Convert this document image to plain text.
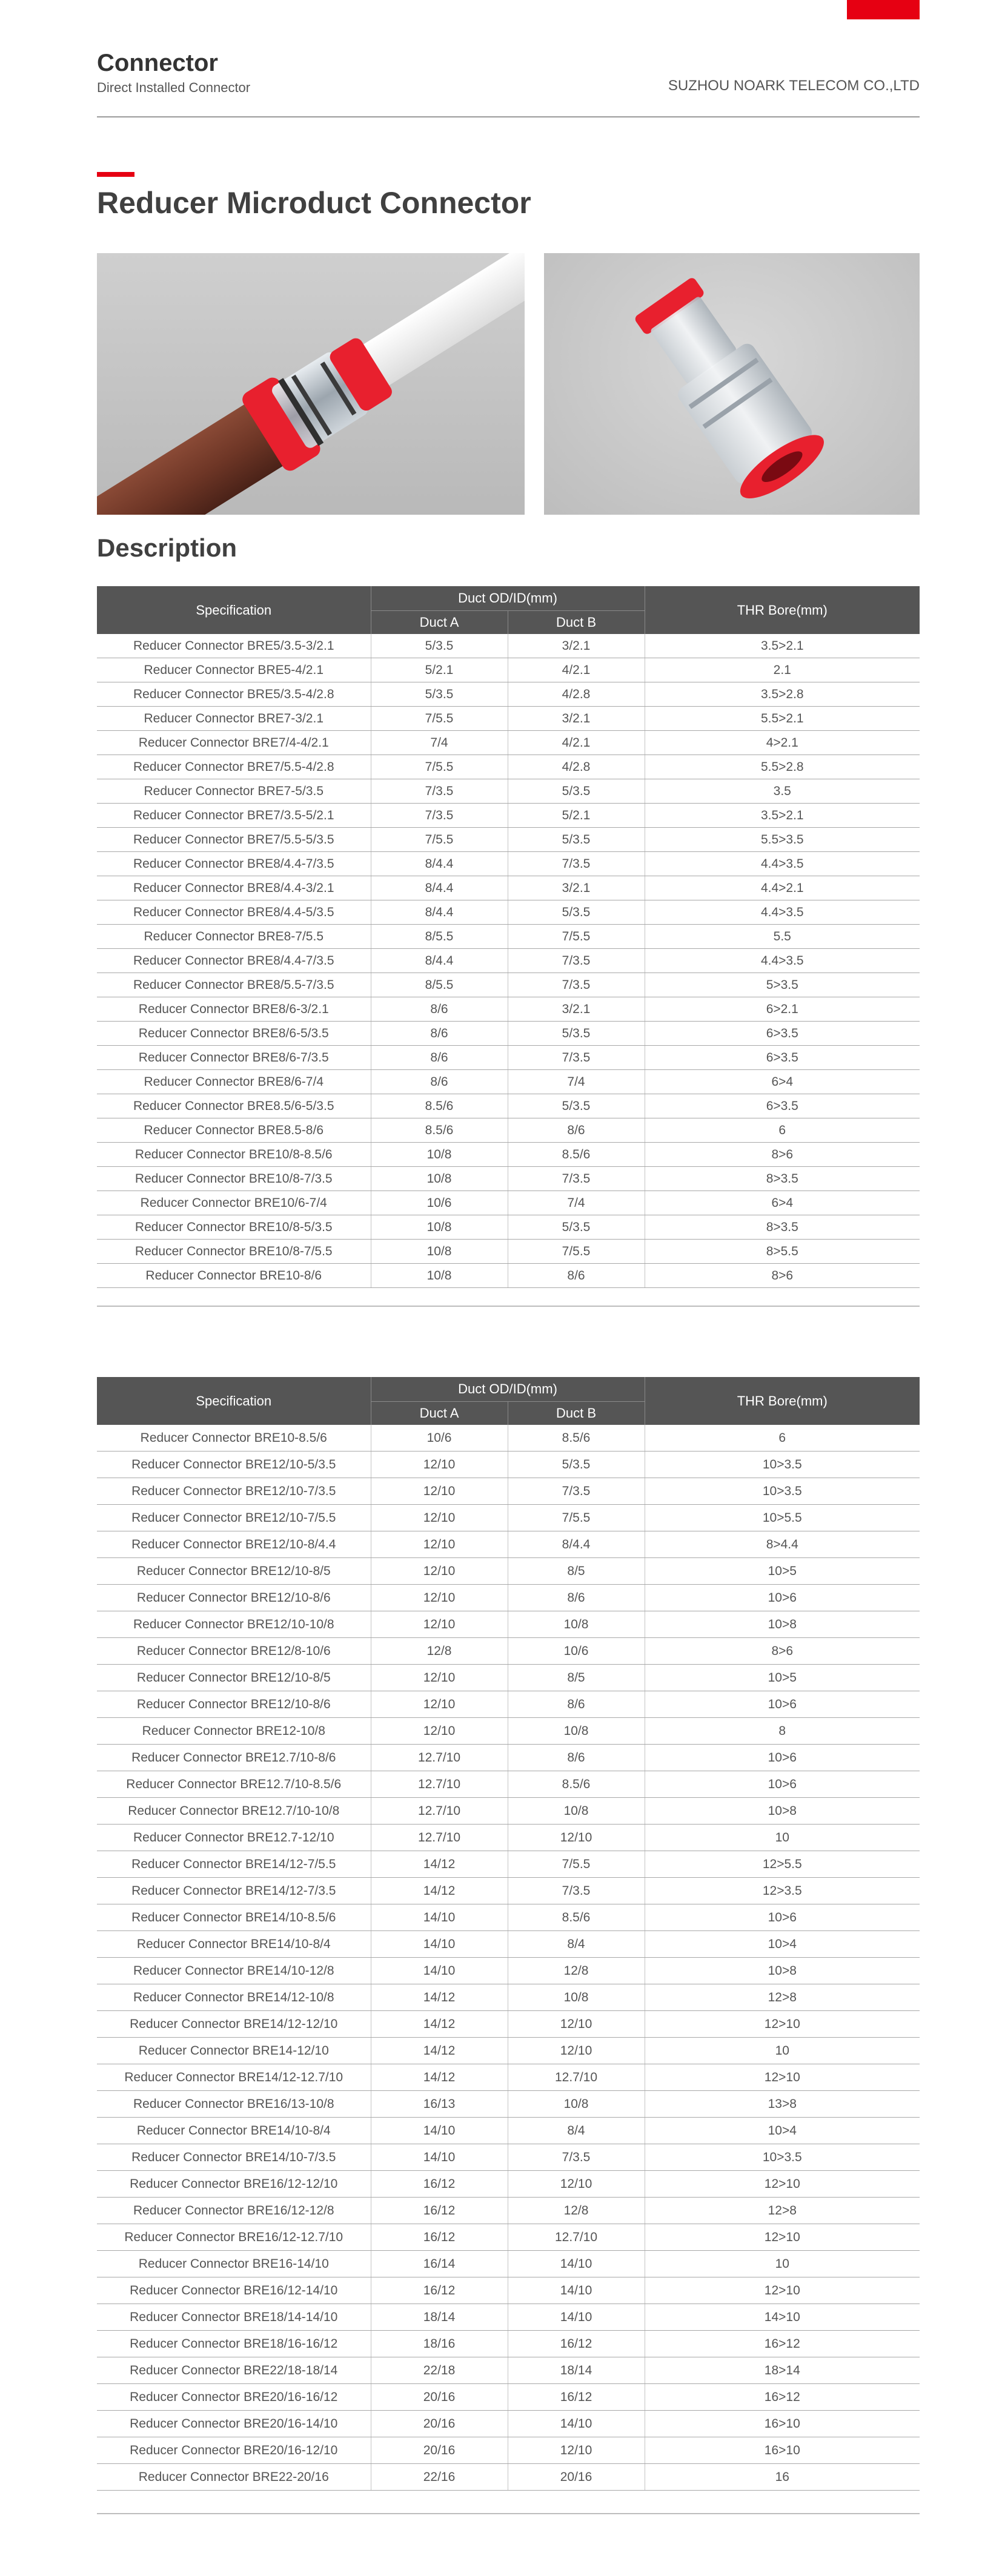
Connector
Direct Installed Connector	SUZHOU NOARK TELECOM CO.,LTD
Reducer Microduct Connector
Description
Specification	Duct OD/ID(mm)		THR Bore(mm)
	Duct A	Duct B	
Reducer Connector BRE5/3.5-3/2.1	5/3.5	3/2.1	3.5>2.1
Reducer Connector BRE5-4/2.1	5/2.1	4/2.1	2.1
Reducer Connector BRE5/3.5-4/2.8	5/3.5	4/2.8	3.5>2.8
Reducer Connector BRE7-3/2.1	7/5.5	3/2.1	5.5>2.1
Reducer Connector BRE7/4-4/2.1	7/4	4/2.1	4>2.1
Reducer Connector BRE7/5.5-4/2.8	7/5.5	4/2.8	5.5>2.8
Reducer Connector BRE7-5/3.5	7/3.5	5/3.5	3.5
Reducer Connector BRE7/3.5-5/2.1	7/3.5	5/2.1	3.5>2.1
Reducer Connector BRE7/5.5-5/3.5	7/5.5	5/3.5	5.5>3.5
Reducer Connector BRE8/4.4-7/3.5	8/4.4	7/3.5	4.4>3.5
Reducer Connector BRE8/4.4-3/2.1	8/4.4	3/2.1	4.4>2.1
Reducer Connector BRE8/4.4-5/3.5	8/4.4	5/3.5	4.4>3.5
Reducer Connector BRE8-7/5.5	8/5.5	7/5.5	5.5
Reducer Connector BRE8/4.4-7/3.5	8/4.4	7/3.5	4.4>3.5
Reducer Connector BRE8/5.5-7/3.5	8/5.5	7/3.5	5>3.5
Reducer Connector BRE8/6-3/2.1	8/6	3/2.1	6>2.1
Reducer Connector BRE8/6-5/3.5	8/6	5/3.5	6>3.5
Reducer Connector BRE8/6-7/3.5	8/6	7/3.5	6>3.5
Reducer Connector BRE8/6-7/4	8/6	7/4	6>4
Reducer Connector BRE8.5/6-5/3.5	8.5/6	5/3.5	6>3.5
Reducer Connector BRE8.5-8/6	8.5/6	8/6	6
Reducer Connector BRE10/8-8.5/6	10/8	8.5/6	8>6
Reducer Connector BRE10/8-7/3.5	10/8	7/3.5	8>3.5
Reducer Connector BRE10/6-7/4	10/6	7/4	6>4
Reducer Connector BRE10/8-5/3.5	10/8	5/3.5	8>3.5
Reducer Connector BRE10/8-7/5.5	10/8	7/5.5	8>5.5
Reducer Connector BRE10-8/6	10/8	8/6	8>6
Specification	Duct OD/ID(mm)		THR Bore(mm)
	Duct A	Duct B	
Reducer Connector BRE10-8.5/6	10/6	8.5/6	6
Reducer Connector BRE12/10-5/3.5	12/10	5/3.5	10>3.5
Reducer Connector BRE12/10-7/3.5	12/10	7/3.5	10>3.5
Reducer Connector BRE12/10-7/5.5	12/10	7/5.5	10>5.5
Reducer Connector BRE12/10-8/4.4	12/10	8/4.4	8>4.4
Reducer Connector BRE12/10-8/5	12/10	8/5	10>5
Reducer Connector BRE12/10-8/6	12/10	8/6	10>6
Reducer Connector BRE12/10-10/8	12/10	10/8	10>8
Reducer Connector BRE12/8-10/6	12/8	10/6	8>6
Reducer Connector BRE12/10-8/5	12/10	8/5	10>5
Reducer Connector BRE12/10-8/6	12/10	8/6	10>6
Reducer Connector BRE12-10/8	12/10	10/8	8
Reducer Connector BRE12.7/10-8/6	12.7/10	8/6	10>6
Reducer Connector BRE12.7/10-8.5/6	12.7/10	8.5/6	10>6
Reducer Connector BRE12.7/10-10/8	12.7/10	10/8	10>8
Reducer Connector BRE12.7-12/10	12.7/10	12/10	10
Reducer Connector BRE14/12-7/5.5	14/12	7/5.5	12>5.5
Reducer Connector BRE14/12-7/3.5	14/12	7/3.5	12>3.5
Reducer Connector BRE14/10-8.5/6	14/10	8.5/6	10>6
Reducer Connector BRE14/10-8/4	14/10	8/4	10>4
Reducer Connector BRE14/10-12/8	14/10	12/8	10>8
Reducer Connector BRE14/12-10/8	14/12	10/8	12>8
Reducer Connector BRE14/12-12/10	14/12	12/10	12>10
Reducer Connector BRE14-12/10	14/12	12/10	10
Reducer Connector BRE14/12-12.7/10	14/12	12.7/10	12>10
Reducer Connector BRE16/13-10/8	16/13	10/8	13>8
Reducer Connector BRE14/10-8/4	14/10	8/4	10>4
Reducer Connector BRE14/10-7/3.5	14/10	7/3.5	10>3.5
Reducer Connector BRE16/12-12/10	16/12	12/10	12>10
Reducer Connector BRE16/12-12/8	16/12	12/8	12>8
Reducer Connector BRE16/12-12.7/10	16/12	12.7/10	12>10
Reducer Connector BRE16-14/10	16/14	14/10	10
Reducer Connector BRE16/12-14/10	16/12	14/10	12>10
Reducer Connector BRE18/14-14/10	18/14	14/10	14>10
Reducer Connector BRE18/16-16/12	18/16	16/12	16>12
Reducer Connector BRE22/18-18/14	22/18	18/14	18>14
Reducer Connector BRE20/16-16/12	20/16	16/12	16>12
Reducer Connector BRE20/16-14/10	20/16	14/10	16>10
Reducer Connector BRE20/16-12/10	20/16	12/10	16>10
Reducer Connector BRE22-20/16	22/16	20/16	16
